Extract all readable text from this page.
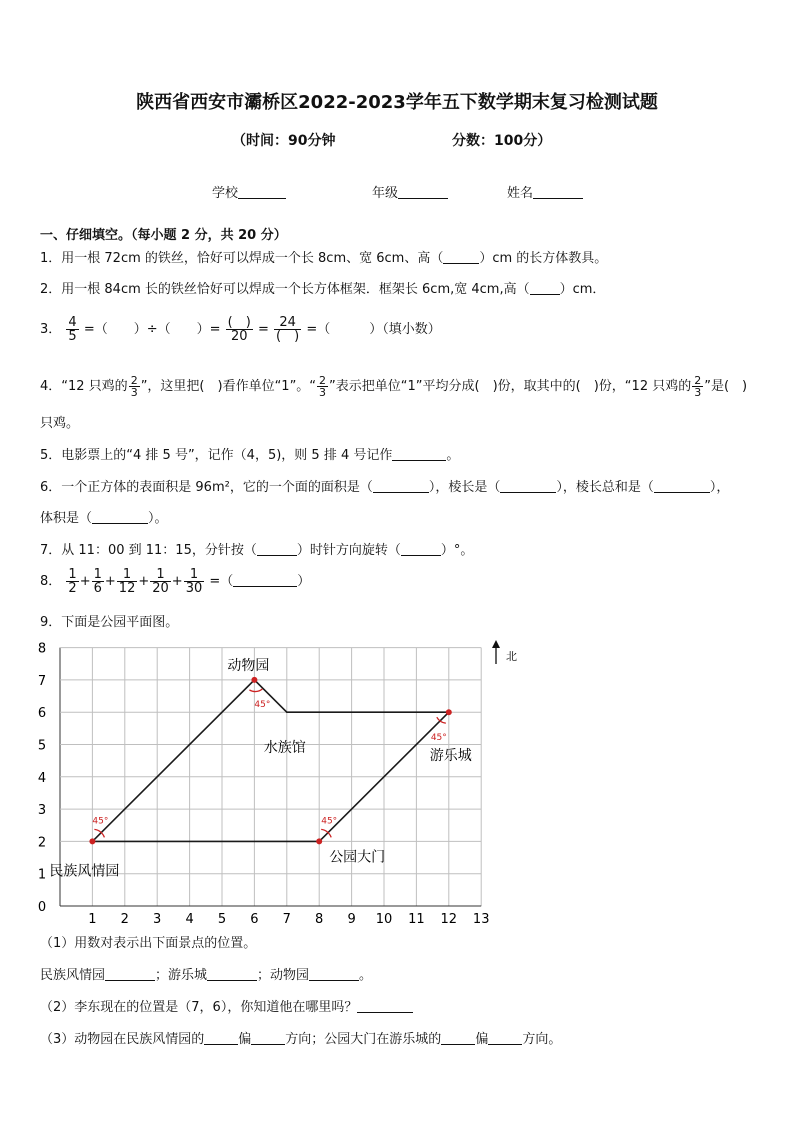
陕西省西安市灞桥区2022-2023学年五下数学期末复习检测试题
（时间：90分钟	分数：100分）
学校	年级	姓名
一、仔细填空。（每小题 2 分，共 20 分）
1．用一根 72cm 的铁丝，恰好可以焊成一个长 8cm、宽 6cm、高（	）cm 的长方体教具。
2．用一根 84cm 长的铁丝恰好可以焊成一个长方体框架．框架长 6cm,宽 4cm,高（ ）cm．
3． $\frac{4}{5}$ =（　　）÷（　　）= $\frac{( )}{20} = \frac{24}{( )}$ =（　　　）（填小数）
4．“12 只鸡的 $\frac{2}{3}$ ”，这里把(　)看作单位“1”。“ $\frac{2}{3}$ ”表示把单位“1”平均分成(　)份，取其中的(　)份，“12 只鸡的 $\frac{2}{3}$ ”是(　)
只鸡。
5．电影票上的“4 排 5 号”，记作（4，5)，则 5 排 4 号记作	。
6．一个正方体的表面积是 96m²，它的一个面的面积是（	），棱长是（	），棱长总和是（	），
体积是（	）。
7．从 11：00 到 11：15，分针按（	）时针方向旋转（	）°。
8． $\frac{1}{2} + \frac{1}{6} + \frac{1}{12} + \frac{1}{20} + \frac{1}{30}$ =（	）
9．下面是公园平面图。
1 2 3 4 5 6 7 8 9 10 11 12 13
0
1
2
3
4
5
6
7
8
45°
45°
45°
45°
动物园
水族馆	游乐城
公园大门
民族风情园
北
（1）用数对表示出下面景点的位置。
民族风情园	；游乐城	；动物园	。
（2）李东现在的位置是（7，6），你知道他在哪里吗？
（3）动物园在民族风情园的	偏	方向；公园大门在游乐城的	偏	方向。
